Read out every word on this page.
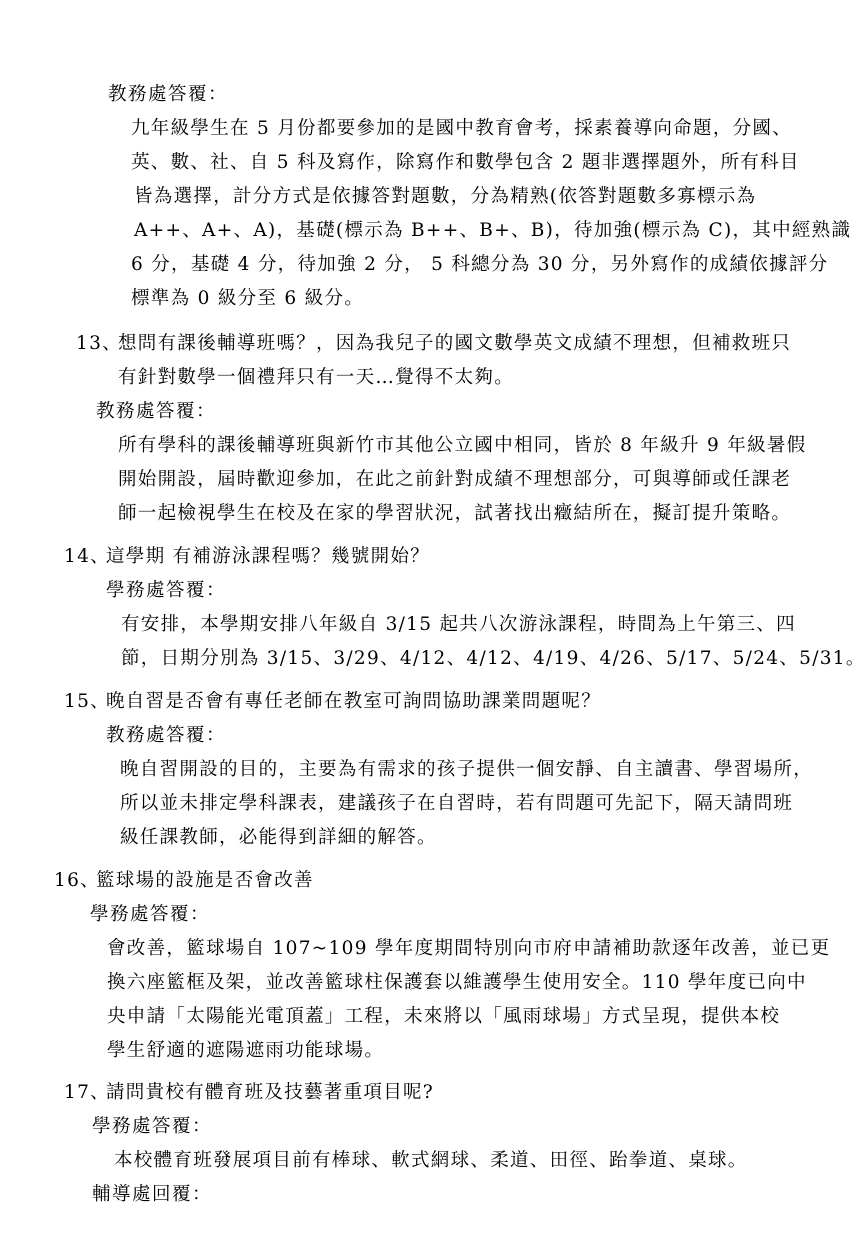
教務處答覆：

九年級學生在 5 月份都要參加的是國中教育會考，採素養導向命題，分國、

英、數、社、自 5 科及寫作，除寫作和數學包含 2 題非選擇題外，所有科目

皆為選擇，計分方式是依據答對題數，分為精熟(依答對題數多寡標示為

A++、A+、A)，基礎(標示為 B++、B+、B)，待加強(標示為 C)，其中經熟識

6 分，基礎 4 分，待加強 2 分， 5 科總分為 30 分，另外寫作的成績依據評分

標準為 0 級分至 6 級分。

13、

想問有課後輔導班嗎？，因為我兒子的國文數學英文成績不理想，但補救班只

有針對數學一個禮拜只有一天…覺得不太夠。

教務處答覆：

所有學科的課後輔導班與新竹市其他公立國中相同，皆於 8 年級升 9 年級暑假

開始開設，屆時歡迎參加，在此之前針對成績不理想部分，可與導師或任課老

師一起檢視學生在校及在家的學習狀況，試著找出癥結所在，擬訂提升策略。

14、

這學期 有補游泳課程嗎？幾號開始？

學務處答覆：

有安排，本學期安排八年級自 3/15 起共八次游泳課程，時間為上午第三、四

節，日期分別為 3/15、3/29、4/12、4/12、4/19、4/26、5/17、5/24、5/31。

15、

晚自習是否會有專任老師在教室可詢問協助課業問題呢？

教務處答覆：

晚自習開設的目的，主要為有需求的孩子提供一個安靜、自主讀書、學習場所，

所以並未排定學科課表，建議孩子在自習時，若有問題可先記下，隔天請問班

級任課教師，必能得到詳細的解答。

16、

籃球場的設施是否會改善

學務處答覆：

會改善，籃球場自 107~109 學年度期間特別向市府申請補助款逐年改善，並已更

換六座籃框及架，並改善籃球柱保護套以維護學生使用安全。110 學年度已向中

央申請「太陽能光電頂蓋」工程，未來將以「風雨球場」方式呈現，提供本校

學生舒適的遮陽遮雨功能球場。

17、

請問貴校有體育班及技藝著重項目呢?

學務處答覆：

本校體育班發展項目前有棒球、軟式網球、柔道、田徑、跆拳道、桌球。

輔導處回覆：
